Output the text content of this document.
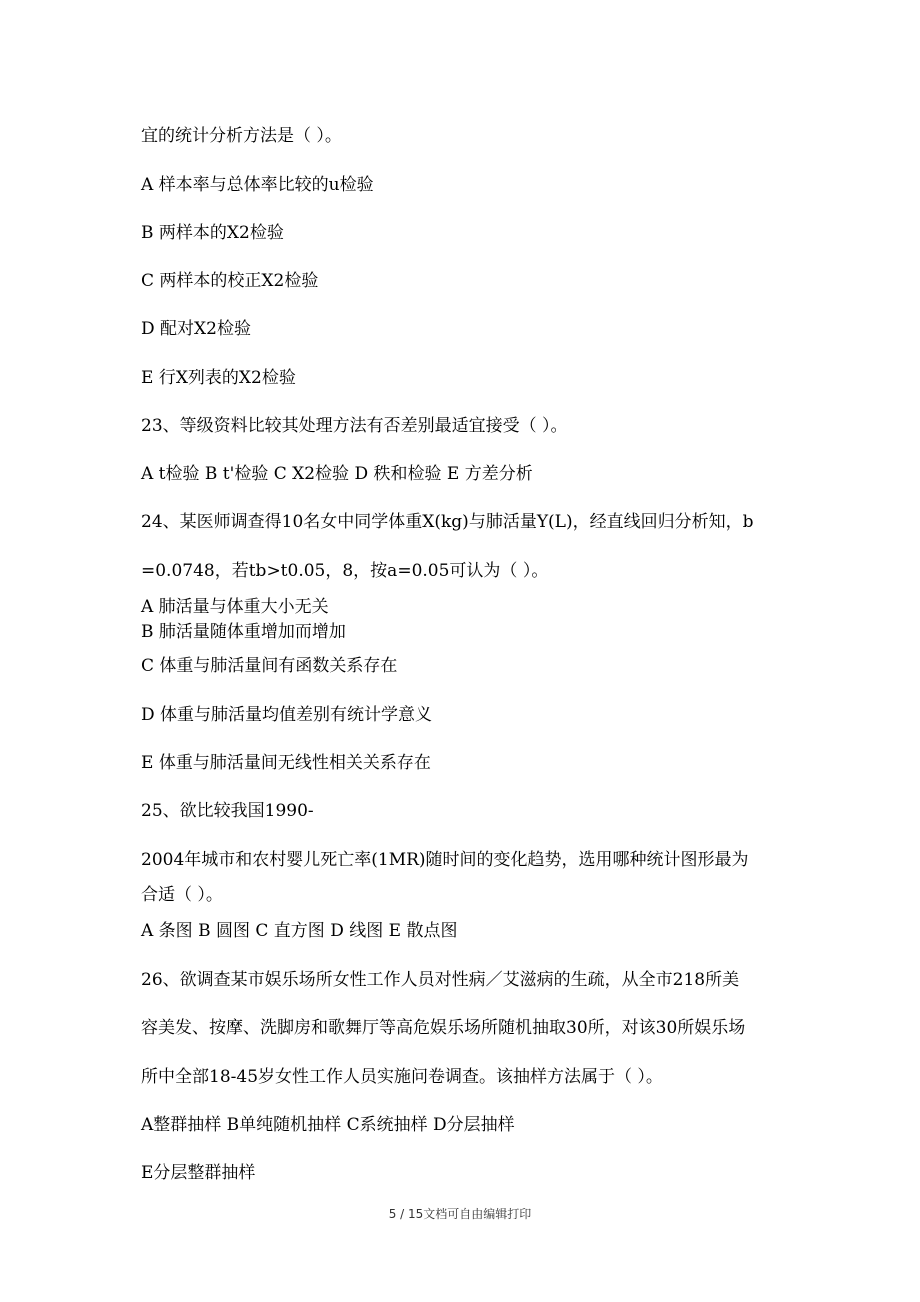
宜的统计分析方法是（ ）。

A 样本率与总体率比较的u检验

B 两样本的X2检验

C 两样本的校正X2检验

D 配对X2检验

E 行X列表的X2检验

23、等级资料比较其处理方法有否差别最适宜接受（ ）。

A t检验 B t'检验 C X2检验 D 秩和检验 E 方差分析

24、某医师调查得10名女中同学体重X(kg)与肺活量Y(L)，经直线回归分析知，b

=0.0748，若tb>t0.05，8，按a=0.05可认为（ ）。

A 肺活量与体重大小无关

B 肺活量随体重增加而增加

C 体重与肺活量间有函数关系存在

D 体重与肺活量均值差别有统计学意义

E 体重与肺活量间无线性相关关系存在

25、欲比较我国1990-

2004年城市和农村婴儿死亡率(1MR)随时间的变化趋势，选用哪种统计图形最为

合适（ ）。

A 条图 B 圆图 C 直方图 D 线图 E 散点图

26、欲调查某市娱乐场所女性工作人员对性病／艾滋病的生疏，从全市218所美

容美发、按摩、洗脚房和歌舞厅等高危娱乐场所随机抽取30所，对该30所娱乐场

所中全部18-45岁女性工作人员实施问卷调查。该抽样方法属于（ ）。

A整群抽样 B单纯随机抽样 C系统抽样 D分层抽样

E分层整群抽样

5 / 15文档可自由编辑打印
